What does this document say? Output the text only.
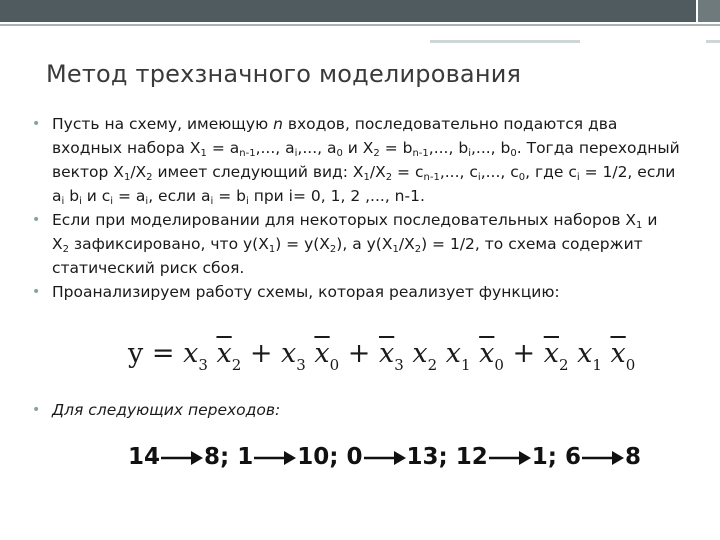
Метод трехзначного моделирования
• Пусть на схему, имеющую n входов, последовательно подаются два
входных набора $X_1 = a_{n-1}$,..., $a_i$,..., $a_0$ и $X_2 = b_{n-1}$,..., $b_i$,..., $b_0$. Тогда переходный
вектор $X_1/X_2$ имеет следующий вид: $X_1/X_2 = c_{n-1}$,..., $c_i$,..., $c_0$, где $c_i = 1/2$, если
$a_i$ $b_i$ и $c_i = a_i$, если $a_i = b_i$ при i= 0, 1, 2 ,..., n-1.
• Если при моделировании для некоторых последовательных наборов $X_1$ и
$X_2$ зафиксировано, что $y(X_1) = y(X_2)$, а $y(X_1/X_2) = 1/2$, то схема содержит
статический риск сбоя.
• Проанализируем работу схемы, которая реализует функцию:
$y = x_3$ $\overline{x}_2 + x_3$ $\overline{x}_0 + \overline{x}_3$ $x_2$ $x_1$ $\overline{x}_0 + \overline{x}_2$ $x_1$ $\overline{x}_0$
• Для следующих переходов:
14 8; 1 10; 0 13; 12 1; 6 8
